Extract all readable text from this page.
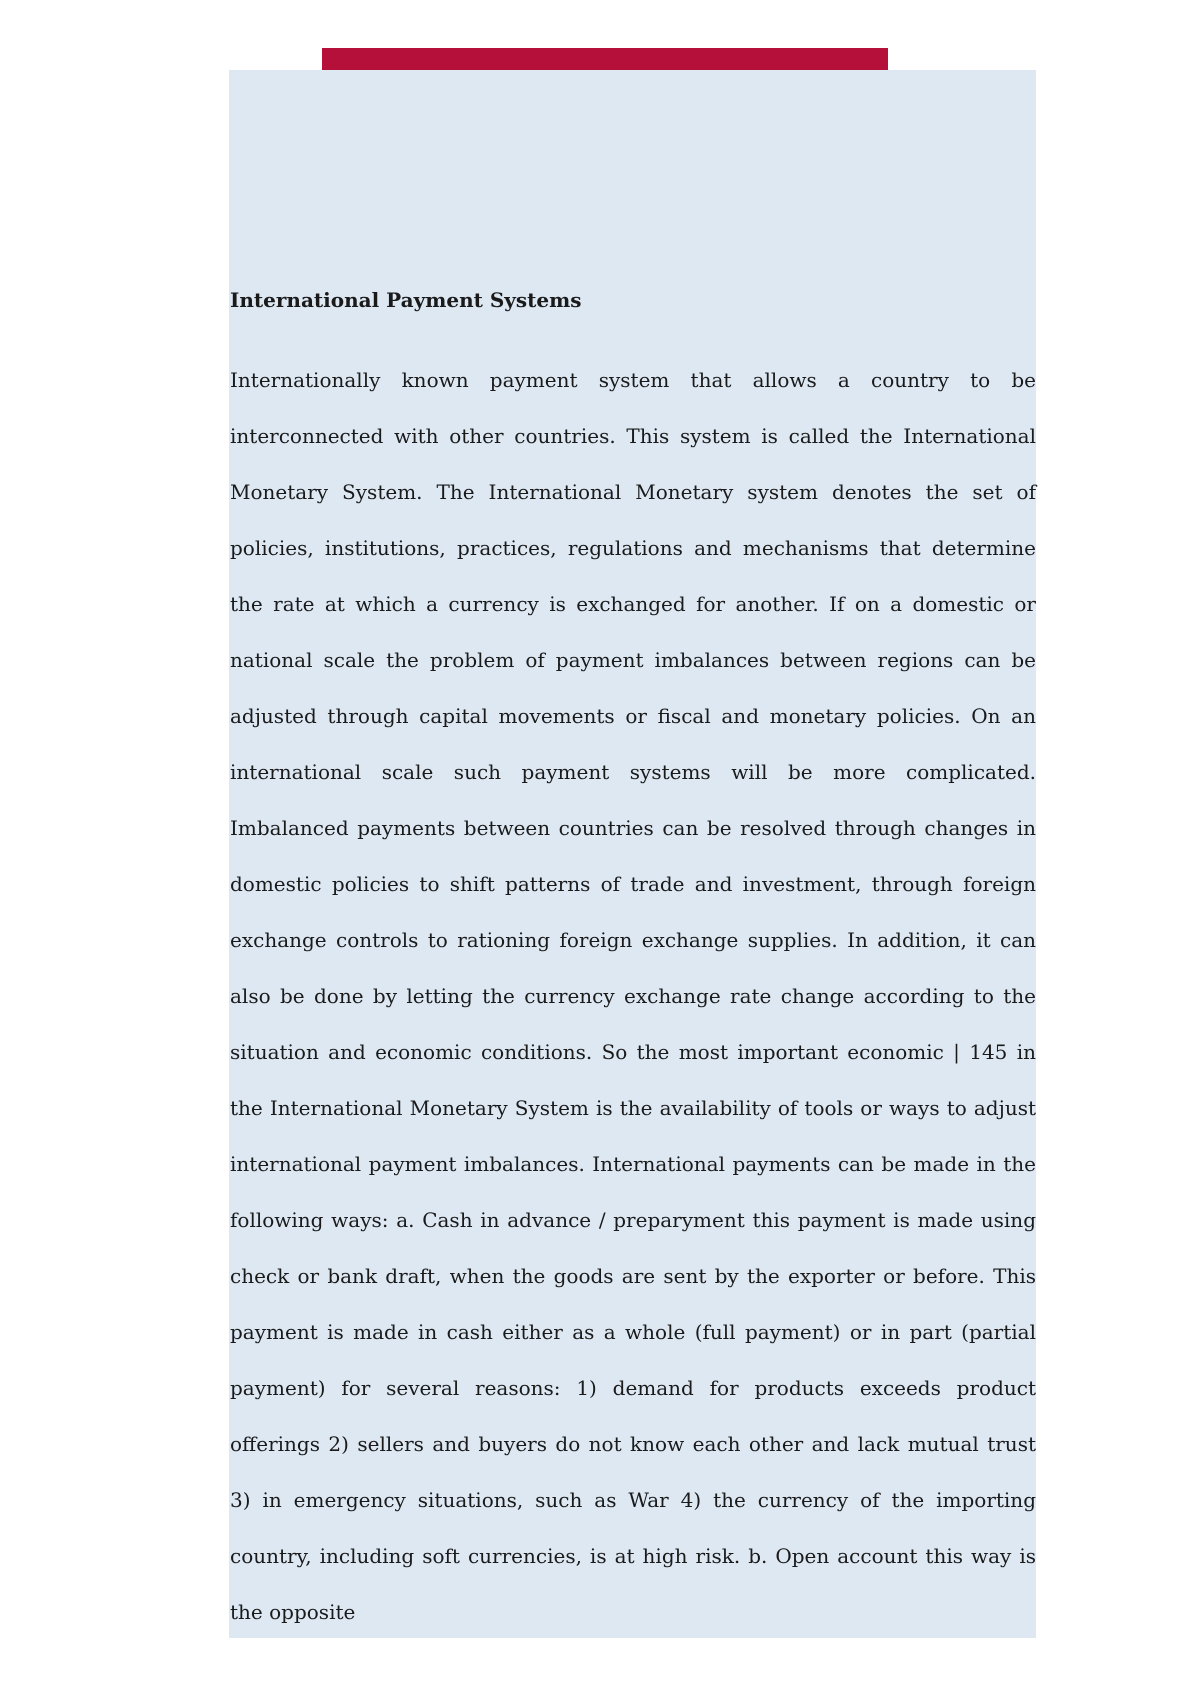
International Payment Systems

Internationally known payment system that allows a country to be interconnected with other countries. This system is called the International Monetary System. The International Monetary system denotes the set of policies, institutions, practices, regulations and mechanisms that determine the rate at which a currency is exchanged for another. If on a domestic or national scale the problem of payment imbalances between regions can be adjusted through capital movements or fiscal and monetary policies. On an international scale such payment systems will be more complicated. Imbalanced payments between countries can be resolved through changes in domestic policies to shift patterns of trade and investment, through foreign exchange controls to rationing foreign exchange supplies. In addition, it can also be done by letting the currency exchange rate change according to the situation and economic conditions. So the most important economic | 145 in the International Monetary System is the availability of tools or ways to adjust international payment imbalances. International payments can be made in the following ways: a. Cash in advance / preparyment this payment is made using check or bank draft, when the goods are sent by the exporter or before. This payment is made in cash either as a whole (full payment) or in part (partial payment) for several reasons: 1) demand for products exceeds product offerings 2) sellers and buyers do not know each other and lack mutual trust 3) in emergency situations, such as War 4) the currency of the importing country, including soft currencies, is at high risk. b. Open account this way is the opposite
